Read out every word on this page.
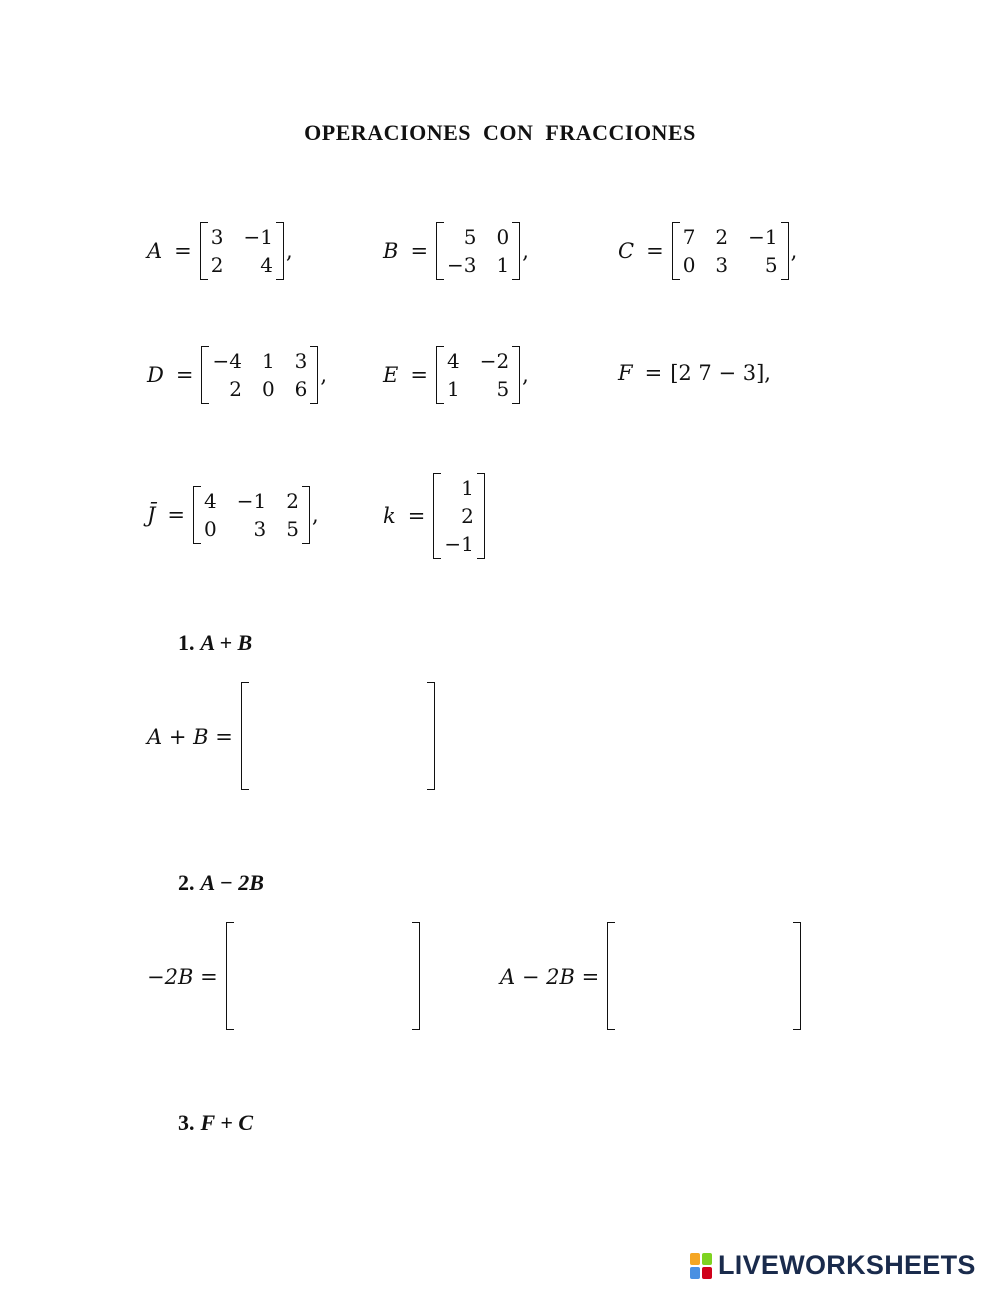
OPERACIONES CON FRACCIONES
A =
3 −1
2	4
,	B =
5 0
−3 1
,	C =
7 2 −1
0 3	5
,
D =
−4 1 3
2 0 6
,	E =
4 −2
1	5
,	F = [2 7 − 3],
J̄ =
4 −1 2
0	3 5
,	k =
1
2
−1
1. A + B
A + B =
2. A − 2B
−2B =	A − 2B =
3. F + C
LIVEWORKSHEETS
